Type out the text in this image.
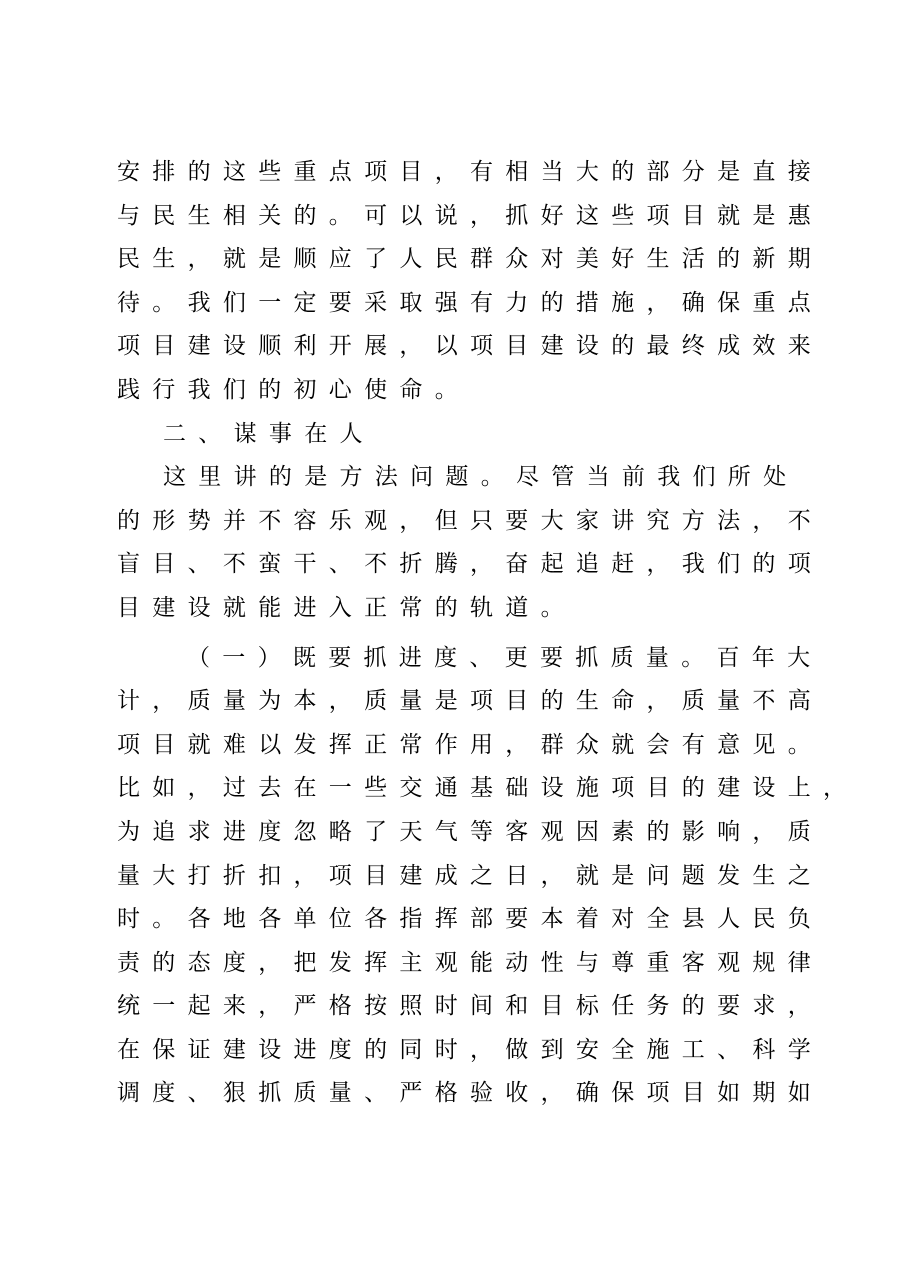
安排的这些重点项目，有相当大的部分是直接
与民生相关的。可以说，抓好这些项目就是惠
民生，就是顺应了人民群众对美好生活的新期
待。我们一定要采取强有力的措施，确保重点
项目建设顺利开展，以项目建设的最终成效来
践行我们的初心使命。
二、谋事在人
这里讲的是方法问题。尽管当前我们所处
的形势并不容乐观，但只要大家讲究方法，不
盲目、不蛮干、不折腾，奋起追赶，我们的项
目建设就能进入正常的轨道。
（一）既要抓进度、更要抓质量。百年大
计，质量为本，质量是项目的生命，质量不高
项目就难以发挥正常作用，群众就会有意见。
比如，过去在一些交通基础设施项目的建设上，
为追求进度忽略了天气等客观因素的影响，质
量大打折扣，项目建成之日，就是问题发生之
时。各地各单位各指挥部要本着对全县人民负
责的态度，把发挥主观能动性与尊重客观规律
统一起来，严格按照时间和目标任务的要求，
在保证建设进度的同时，做到安全施工、科学
调度、狠抓质量、严格验收，确保项目如期如
